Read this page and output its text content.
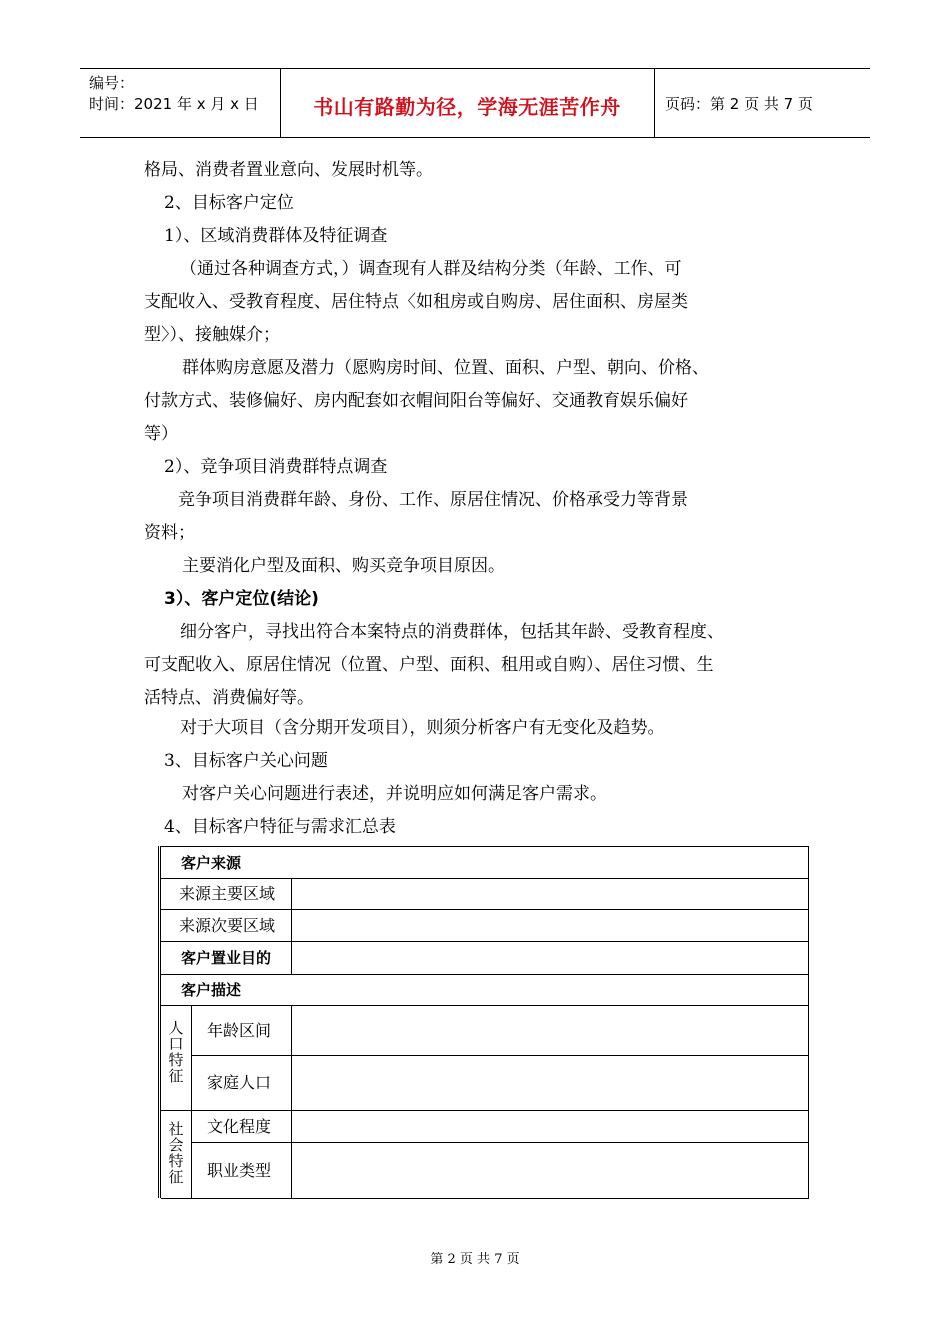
编号：
时间：2021 年 x 月 x 日	书山有路勤为径，学海无涯苦作舟	页码：第 2 页 共 7 页
格局、消费者置业意向、发展时机等。
2、目标客户定位
1）、区域消费群体及特征调查
（通过各种调查方式，）调查现有人群及结构分类（年龄、工作、可
支配收入、受教育程度、居住特点〈如租房或自购房、居住面积、房屋类
型〉）、接触媒介；
群体购房意愿及潜力（愿购房时间、位置、面积、户型、朝向、价格、
付款方式、装修偏好、房内配套如衣帽间阳台等偏好、交通教育娱乐偏好
等）
2）、竞争项目消费群特点调查
竞争项目消费群年龄、身份、工作、原居住情况、价格承受力等背景
资料；
主要消化户型及面积、购买竞争项目原因。
3）、客户定位(结论)
细分客户，寻找出符合本案特点的消费群体，包括其年龄、受教育程度、
可支配收入、原居住情况（位置、户型、面积、租用或自购）、居住习惯、生
活特点、消费偏好等。
对于大项目（含分期开发项目），则须分析客户有无变化及趋势。
3、目标客户关心问题
对客户关心问题进行表述，并说明应如何满足客户需求。
4、目标客户特征与需求汇总表
客户来源
来源主要区域
来源次要区域
客户置业目的
客户描述
人口特征
年龄区间
家庭人口
社会特征
文化程度
职业类型
第 2 页 共 7 页
